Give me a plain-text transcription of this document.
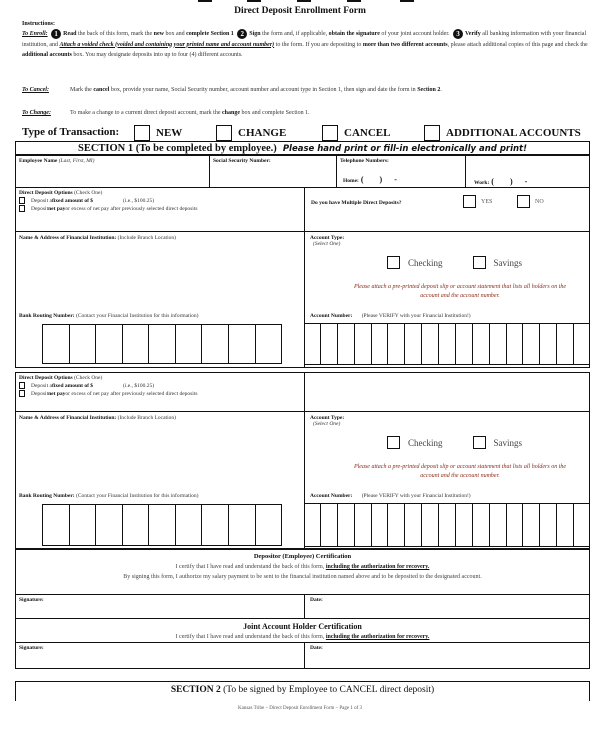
Direct Deposit Enrollment Form
Instructions:
To Enroll: 1 Read the back of this form, mark the new box and complete Section 1 2 Sign the form and, if applicable, obtain the signature of your joint account holder. 3 Verify all banking information with your financial institution, and Attach a voided check (voided and containing your printed name and account number) to the form. If you are depositing to more than two different accounts, please attach additional copies of this page and check the additional accounts box. You may designate deposits into up to four (4) different accounts.
To Cancel:	Mark the cancel box, provide your name, Social Security number, account number and account type in Section 1, then sign and date the form in Section 2.
To Change:	To make a change to a current direct deposit account, mark the change box and complete Section 1.
Type of Transaction:	NEW	CHANGE	CANCEL	ADDITIONAL ACCOUNTS
SECTION 1 (To be completed by employee.) Please hand print or fill-in electronically and print!
Employee Name (Last, First, MI)	Social Security Number:	Telephone Numbers:
Home: (        )      -	Work: (        )      -
Direct Deposit Options (Check One)
Deposit a fixed amount of $	(i.e., $100.25)
Deposit net pay or excess of net pay after previously selected direct deposits
Do you have Multiple Direct Deposits?	YES	NO
Name & Address of Financial Institution: (Include Branch Location)
Bank Routing Number: (Contact your Financial Institution for this information)
Account Type:
(Select One)
Checking	Savings
Please attach a pre-printed deposit slip or account statement that lists all holders on the account and the account number.
Account Number: (Please VERIFY with your Financial Institution!)
Direct Deposit Options (Check One)
Deposit a fixed amount of $	(i.e., $100.25)
Deposit net pay or excess of net pay after previously selected direct deposits
Name & Address of Financial Institution: (Include Branch Location)
Bank Routing Number: (Contact your Financial Institution for this information)
Account Type:
(Select One)
Checking	Savings
Please attach a pre-printed deposit slip or account statement that lists all holders on the account and the account number.
Account Number: (Please VERIFY with your Financial Institution!)
Depositor (Employee) Certification
I certify that I have read and understand the back of this form, including the authorization for recovery.
By signing this form, I authorize my salary payment to be sent to the financial institution named above and to be deposited to the designated account.
Signature:	Date:
Joint Account Holder Certification
I certify that I have read and understand the back of this form, including the authorization for recovery.
Signature:	Date:
SECTION 2 (To be signed by Employee to CANCEL direct deposit)
Kansas Tribe – Direct Deposit Enrollment Form – Page 1 of 3
